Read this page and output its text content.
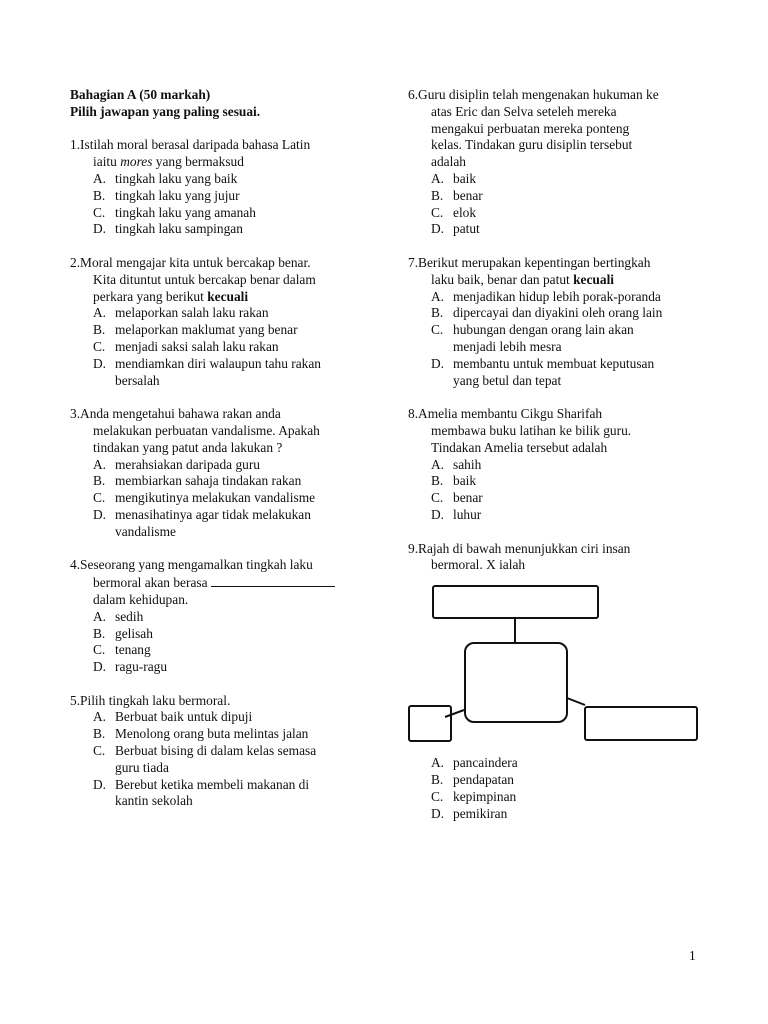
Bahagian A (50 markah)
Pilih jawapan yang paling sesuai.
1. Istilah moral berasal daripada bahasa Latin
iaitu mores yang bermaksud
A. tingkah laku yang baik
B. tingkah laku yang jujur
C. tingkah laku yang amanah
D. tingkah laku sampingan
2. Moral mengajar kita untuk bercakap benar.
Kita dituntut untuk bercakap benar dalam
perkara yang berikut kecuali
A. melaporkan salah laku rakan
B. melaporkan maklumat yang benar
C. menjadi saksi salah laku rakan
D. mendiamkan diri walaupun tahu rakan
bersalah
3. Anda mengetahui bahawa rakan anda
melakukan perbuatan vandalisme. Apakah
tindakan yang patut anda lakukan ?
A. merahsiakan daripada guru
B. membiarkan sahaja tindakan rakan
C. mengikutinya melakukan vandalisme
D. menasihatinya agar tidak melakukan
vandalisme
4. Seseorang yang mengamalkan tingkah laku
bermoral akan berasa
dalam kehidupan.
A. sedih
B. gelisah
C. tenang
D. ragu-ragu
5. Pilih tingkah laku bermoral.
A. Berbuat baik untuk dipuji
B. Menolong orang buta melintas jalan
C. Berbuat bising di dalam kelas semasa
guru tiada
D. Berebut ketika membeli makanan di
kantin sekolah
6. Guru disiplin telah mengenakan hukuman ke
atas Eric dan Selva seteleh mereka
mengakui perbuatan mereka ponteng
kelas. Tindakan guru disiplin tersebut
adalah
A. baik
B. benar
C. elok
D. patut
7. Berikut merupakan kepentingan bertingkah
laku baik, benar dan patut kecuali
A. menjadikan hidup lebih porak-poranda
B. dipercayai dan diyakini oleh orang lain
C. hubungan dengan orang lain akan
menjadi lebih mesra
D. membantu untuk membuat keputusan
yang betul dan tepat
8. Amelia membantu Cikgu Sharifah
membawa buku latihan ke bilik guru.
Tindakan Amelia tersebut adalah
A. sahih
B. baik
C. benar
D. luhur
9. Rajah di bawah menunjukkan ciri insan
bermoral. X ialah
A. pancaindera
B. pendapatan
C. kepimpinan
D. pemikiran
1
